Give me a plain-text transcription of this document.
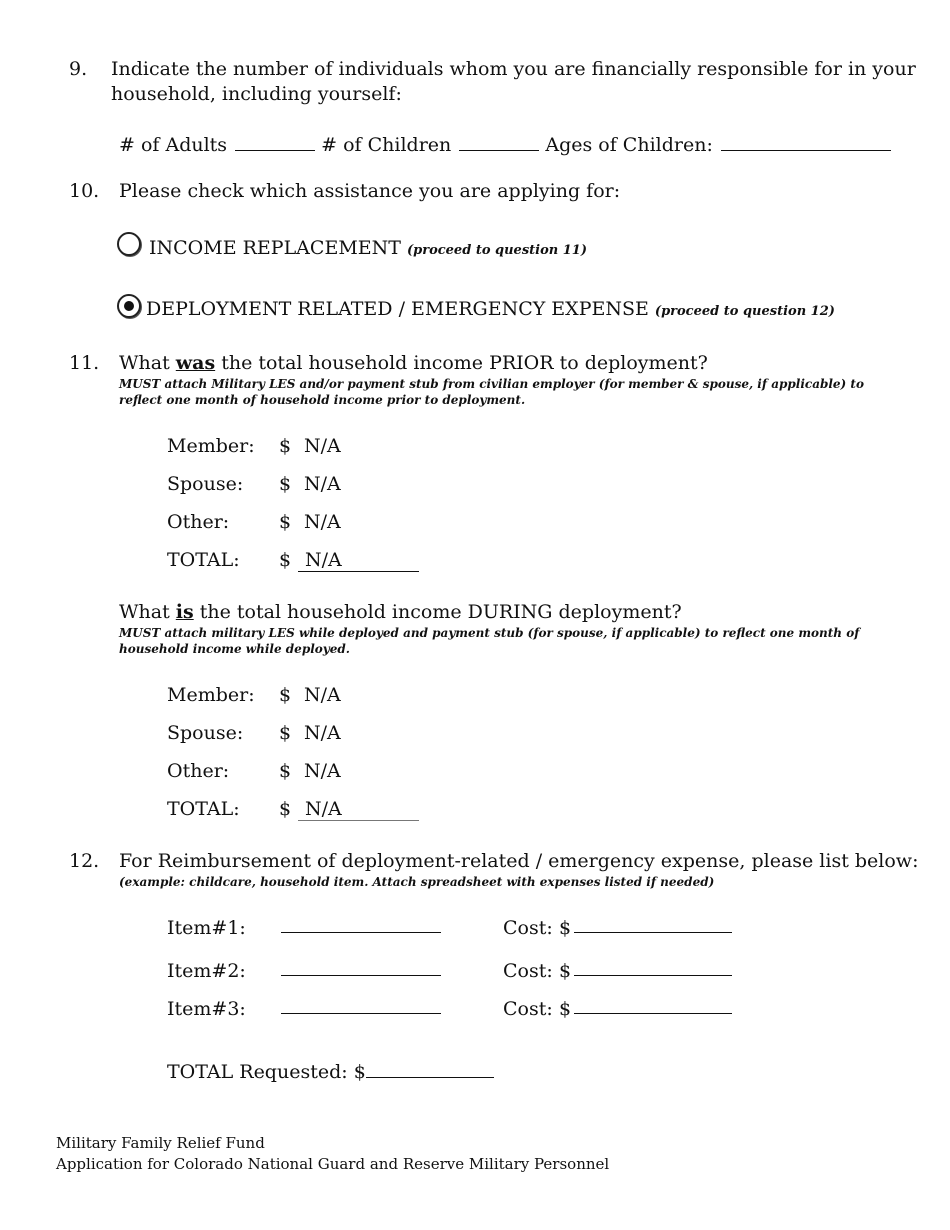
9. Indicate the number of individuals whom you are financially responsible for in your
household, including yourself:
# of Adults	# of Children	Ages of Children:
10. Please check which assistance you are applying for:
INCOME REPLACEMENT (proceed to question 11)
DEPLOYMENT RELATED / EMERGENCY EXPENSE (proceed to question 12)
11. What was the total household income PRIOR to deployment?
MUST attach Military LES and/or payment stub from civilian employer (for member & spouse, if applicable) to reflect one month of household income prior to deployment.
Member: $ N/A
Spouse: $ N/A
Other:	$ N/A
TOTAL: $ N/A
What is the total household income DURING deployment?
MUST attach military LES while deployed and payment stub (for spouse, if applicable) to reflect one month of household income while deployed.
Member: $ N/A
Spouse: $ N/A
Other:	$ N/A
TOTAL: $ N/A
12. For Reimbursement of deployment-related / emergency expense, please list below:
(example: childcare, household item. Attach spreadsheet with expenses listed if needed)
Item#1:	Cost: $
Item#2:	Cost: $
Item#3:	Cost: $
TOTAL Requested: $
Military Family Relief Fund
Application for Colorado National Guard and Reserve Military Personnel
